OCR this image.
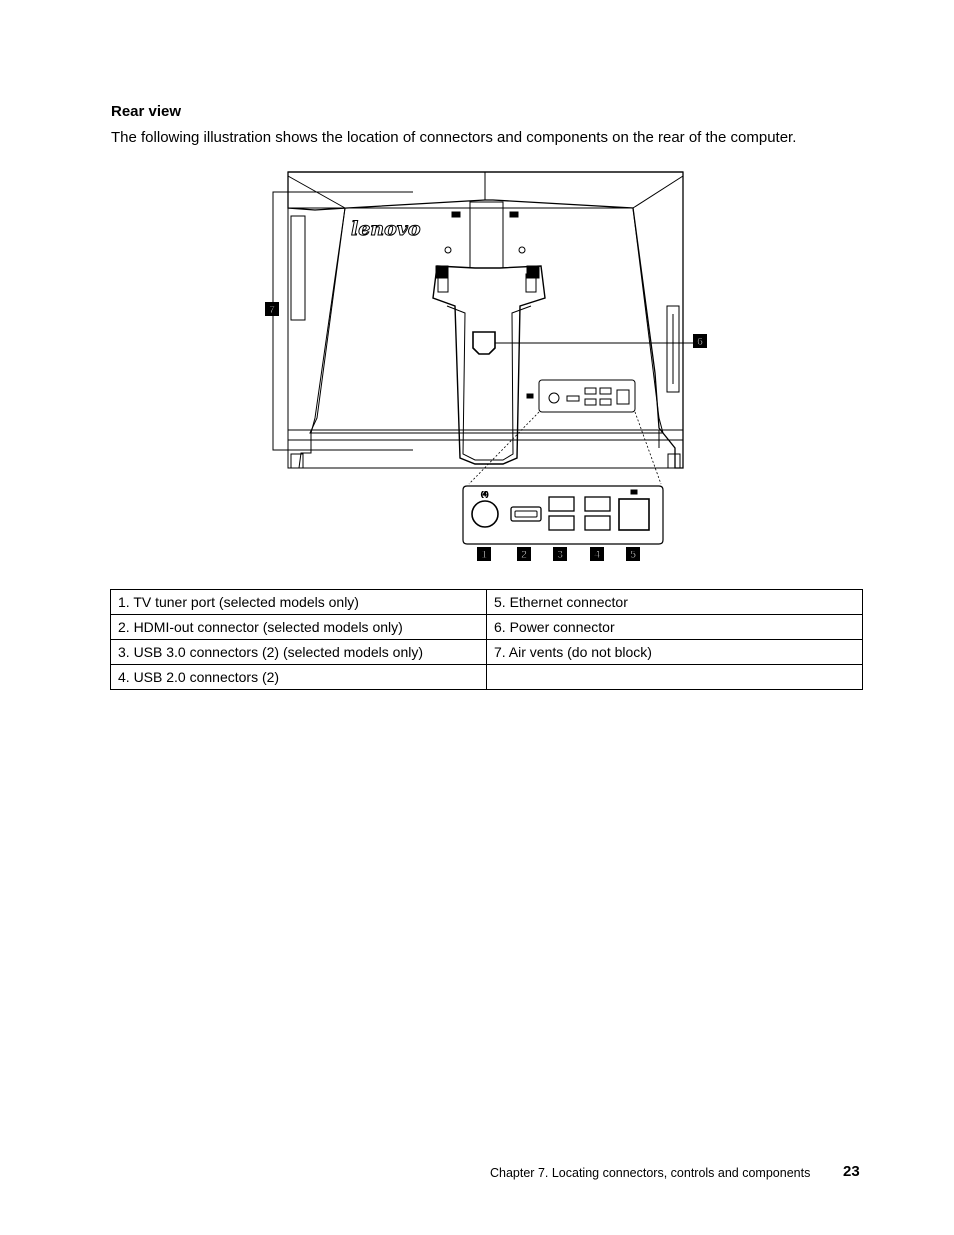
Rear view
The following illustration shows the location of connectors and components on the rear of the computer.
lenovo
(4)
7
6
1	2	3	4	5
1. TV tuner port (selected models only)	5. Ethernet connector
2. HDMI-out connector (selected models only)	6. Power connector
3. USB 3.0 connectors (2) (selected models only)	7. Air vents (do not block)
4. USB 2.0 connectors (2)	
Chapter 7. Locating connectors, controls and components 23
